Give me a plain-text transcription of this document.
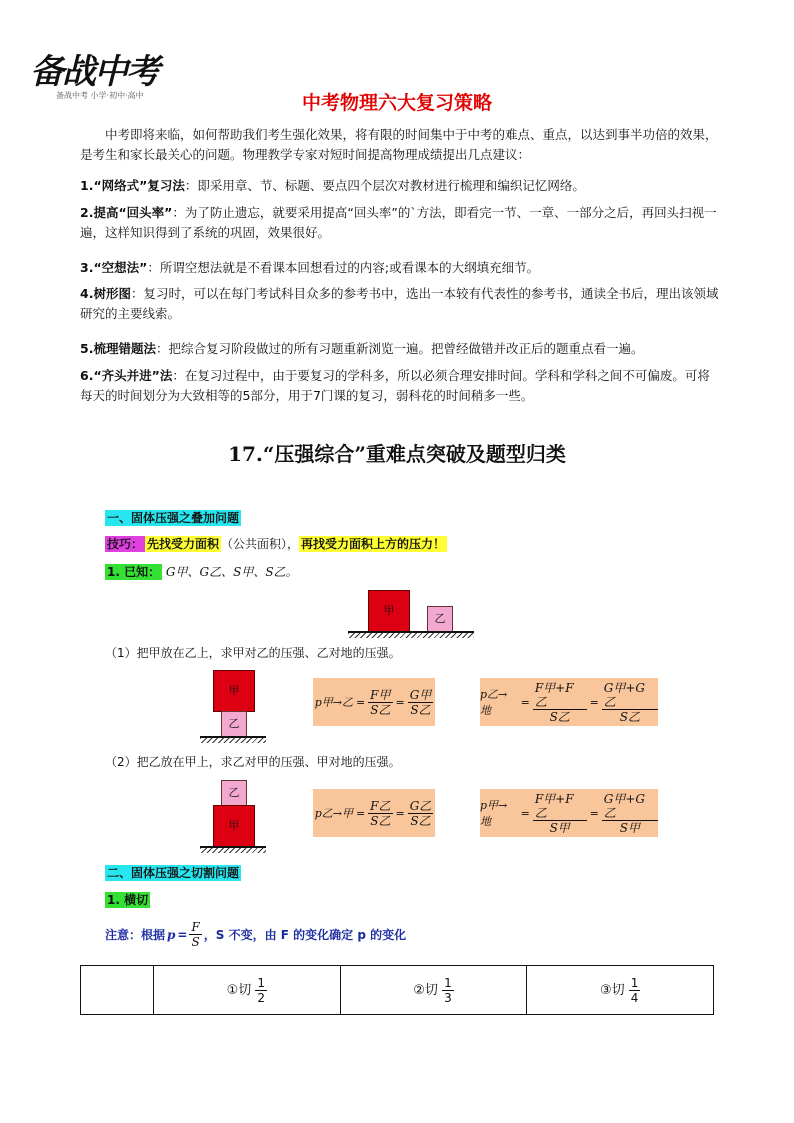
备战中考
备战中考 小学·初中·高中	中考物理六大复习策略
中考即将来临，如何帮助我们考生强化效果，将有限的时间集中于中考的难点、重点，以达到事半功倍的效果，是考生和家长最关心的问题。物理教学专家对短时间提高物理成绩提出几点建议：
1.“网络式”复习法：即采用章、节、标题、要点四个层次对教材进行梳理和编织记忆网络。
2.提高“回头率”：为了防止遗忘，就要采用提高“回头率”的`方法，即看完一节、一章、一部分之后，再回头扫视一遍，这样知识得到了系统的巩固，效果很好。
3.“空想法”：所谓空想法就是不看课本回想看过的内容;或看课本的大纲填充细节。
4.树形图：复习时，可以在每门考试科目众多的参考书中，选出一本较有代表性的参考书，通读全书后，理出该领域研究的主要线索。
5.梳理错题法：把综合复习阶段做过的所有习题重新浏览一遍。把曾经做错并改正后的题重点看一遍。
6.“齐头并进”法：在复习过程中，由于要复习的学科多，所以必须合理安排时间。学科和学科之间不可偏废。可将每天的时间划分为大致相等的5部分，用于7门课的复习，弱科花的时间稍多一些。
17.“压强综合”重难点突破及题型归类
一、固体压强之叠加问题
技巧： 先找受力面积 （公共面积）， 再找受力面积上方的压力！
1. 已知： G甲、G乙、S甲、S乙。
甲
乙
（1）把甲放在乙上，求甲对乙的压强、乙对地的压强。
甲
乙
p甲→乙 = $\frac{\text{F甲}}{\text{S乙}} = \frac{\text{G甲}}{\text{S乙}}$	p乙→地
= $\frac{\text{F甲+F乙}}{\text{S乙}} = \frac{\text{G甲+G乙}}{\text{S乙}}$
（2）把乙放在甲上，求乙对甲的压强、甲对地的压强。
乙
甲
p乙→甲 = $\frac{\text{F乙}}{\text{S乙}} = \frac{\text{G乙}}{\text{S乙}}$	p甲→地
= $\frac{\text{F甲+F乙}}{\text{S甲}} = \frac{\text{G甲+G乙}}{\text{S甲}}$
二、固体压强之切割问题
1. 横切
注意：根据 $p = \frac{F}{S}$ ，S 不变，由 F 的变化确定 p 的变化
	①切 $\frac{1}{2}$	②切 $\frac{1}{3}$	③切 $\frac{1}{4}$
